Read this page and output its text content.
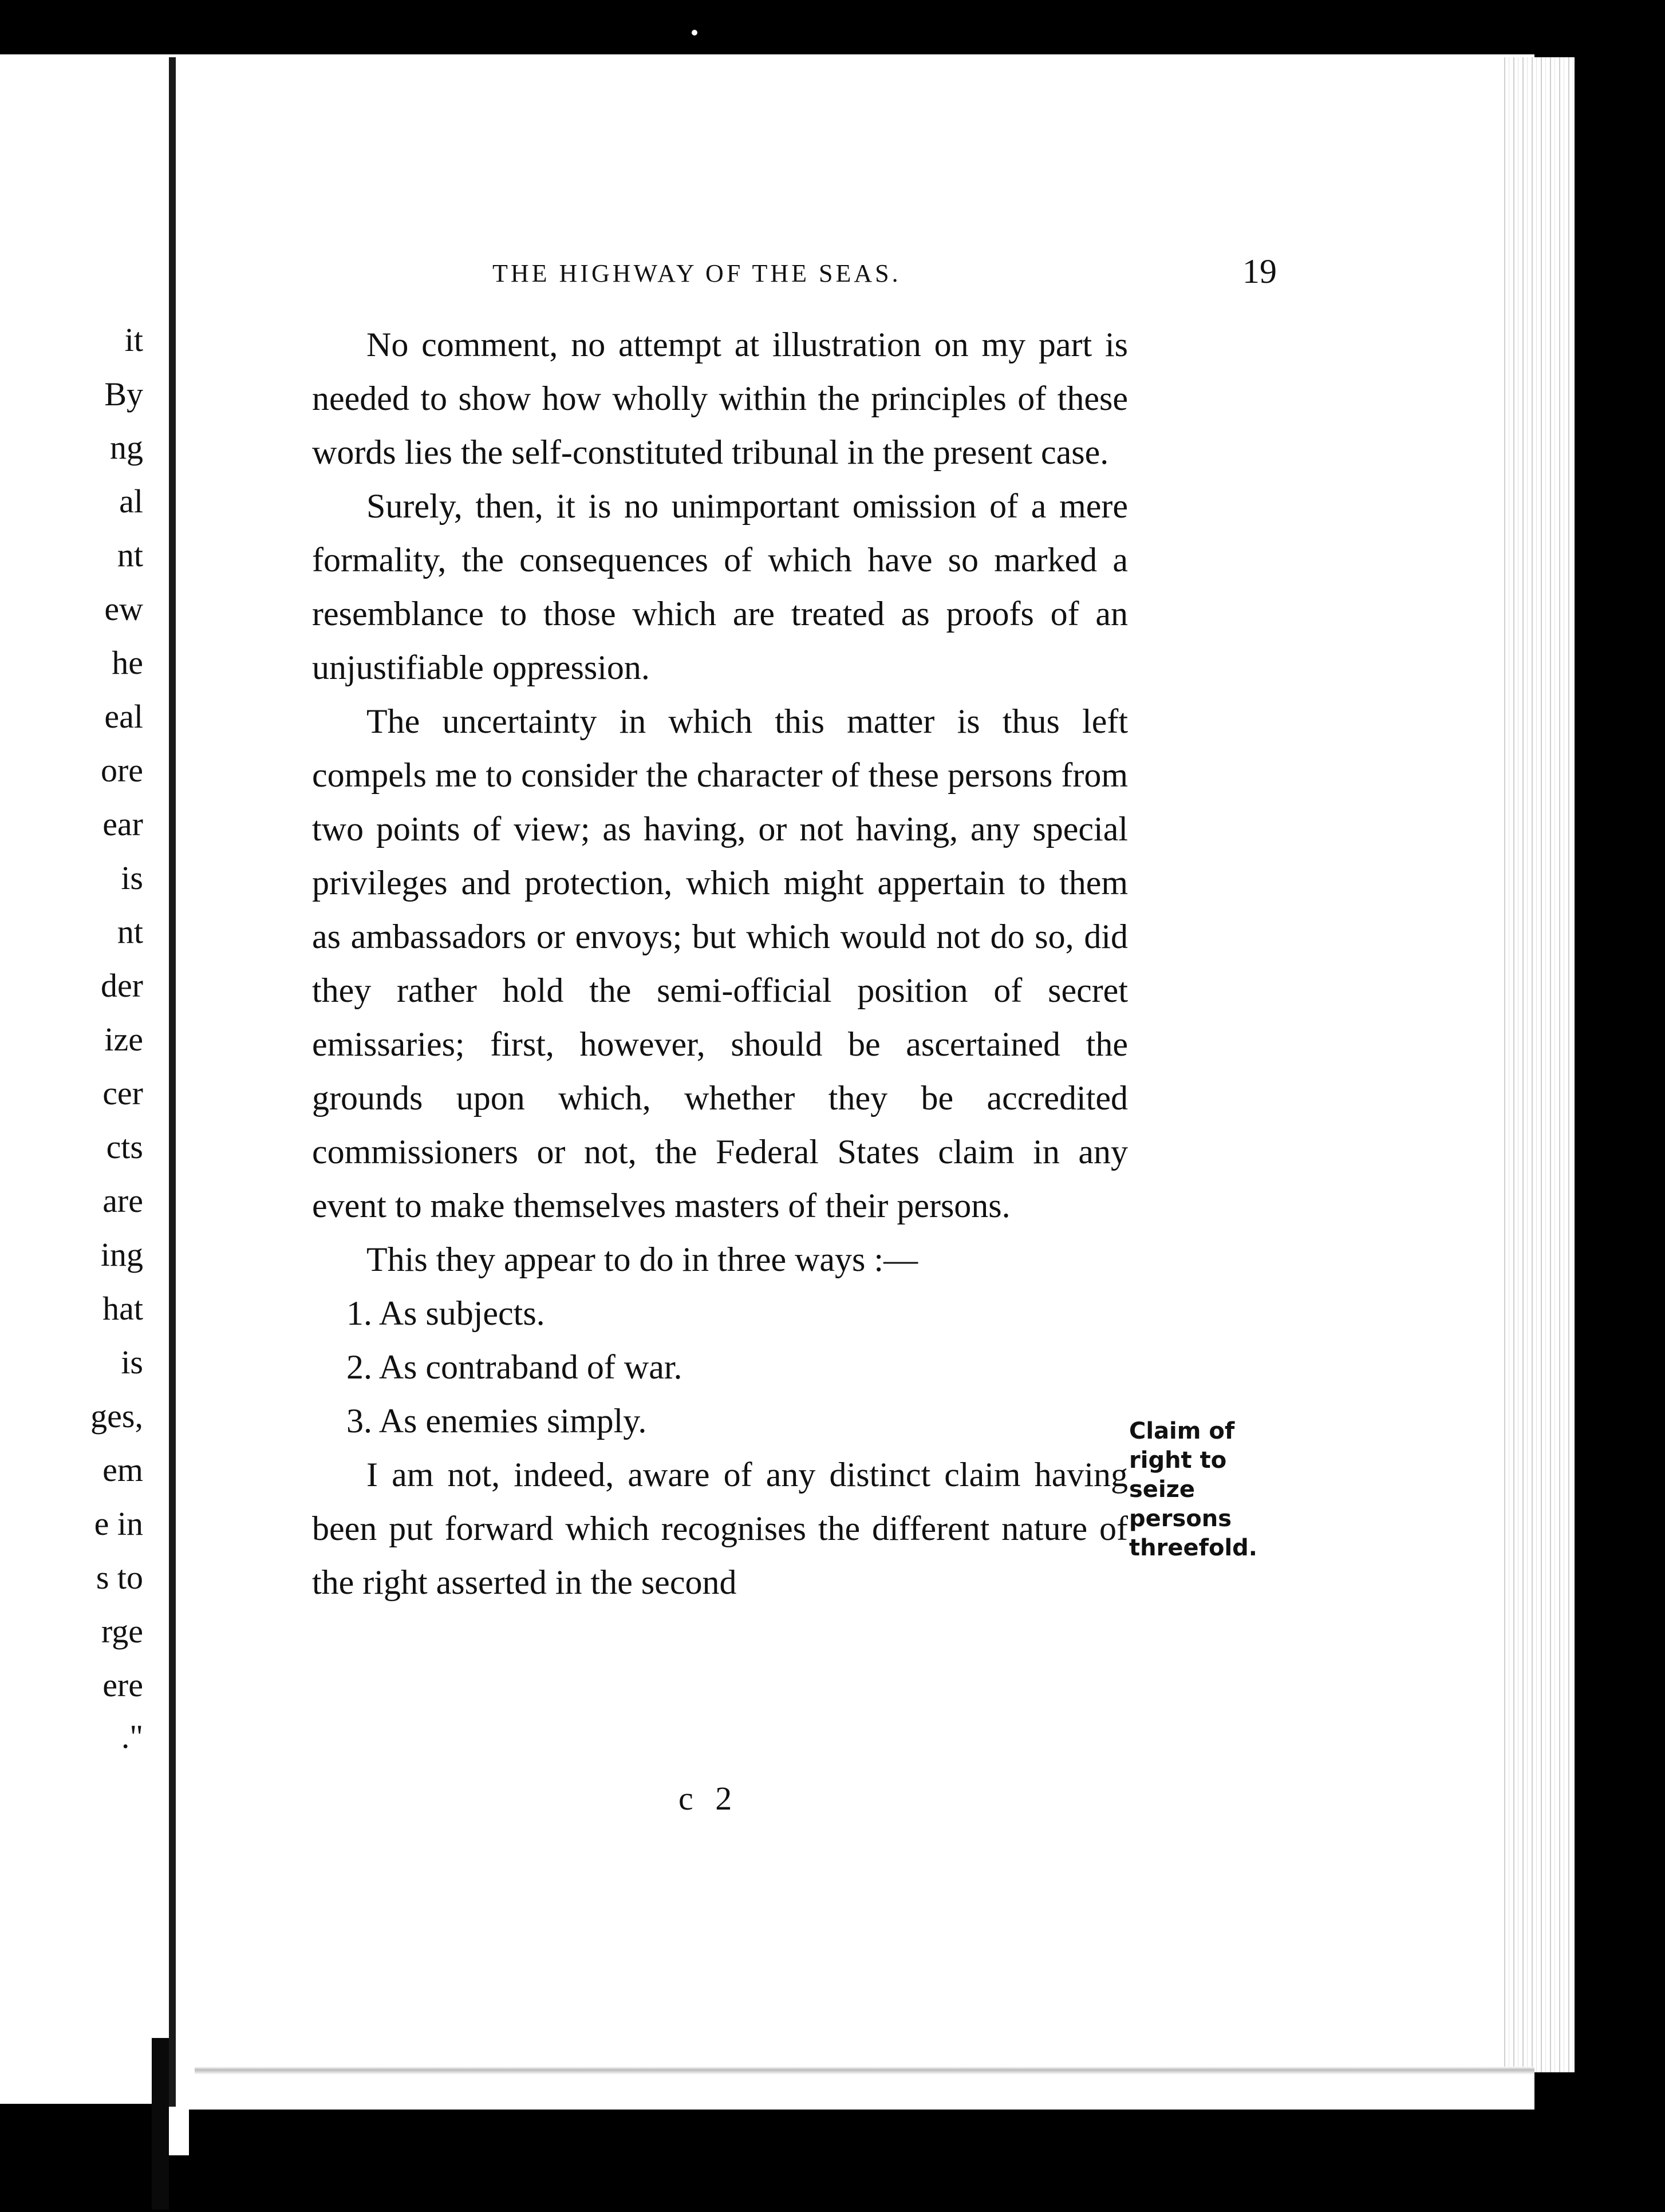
it
By
ng
al
nt
ew
he
eal
ore
ear
is
nt
der
ize
cer
cts
are
ing
hat
is
ges,
em
e in
s to
rge
ere
."
THE HIGHWAY OF THE SEAS.	19

No comment, no attempt at illustration on my part is needed to show how wholly within the principles of these words lies the self-constituted tribunal in the present case.

Surely, then, it is no unimportant omission of a mere formality, the consequences of which have so marked a resemblance to those which are treated as proofs of an unjustifiable oppression.

The uncertainty in which this matter is thus left compels me to consider the character of these persons from two points of view; as having, or not having, any special privileges and protection, which might appertain to them as ambassadors or envoys; but which would not do so, did they rather hold the semi-official position of secret emissaries; first, however, should be ascertained the grounds upon which, whether they be accredited commissioners or not, the Federal States claim in any event to make themselves masters of their persons.

This they appear to do in three ways :—

1. As subjects.

2. As contraband of war.

3. As enemies simply.

I am not, indeed, aware of any distinct claim having been put forward which recognises the different nature of the right asserted in the second

Claim of right to seize persons threefold.
c 2
